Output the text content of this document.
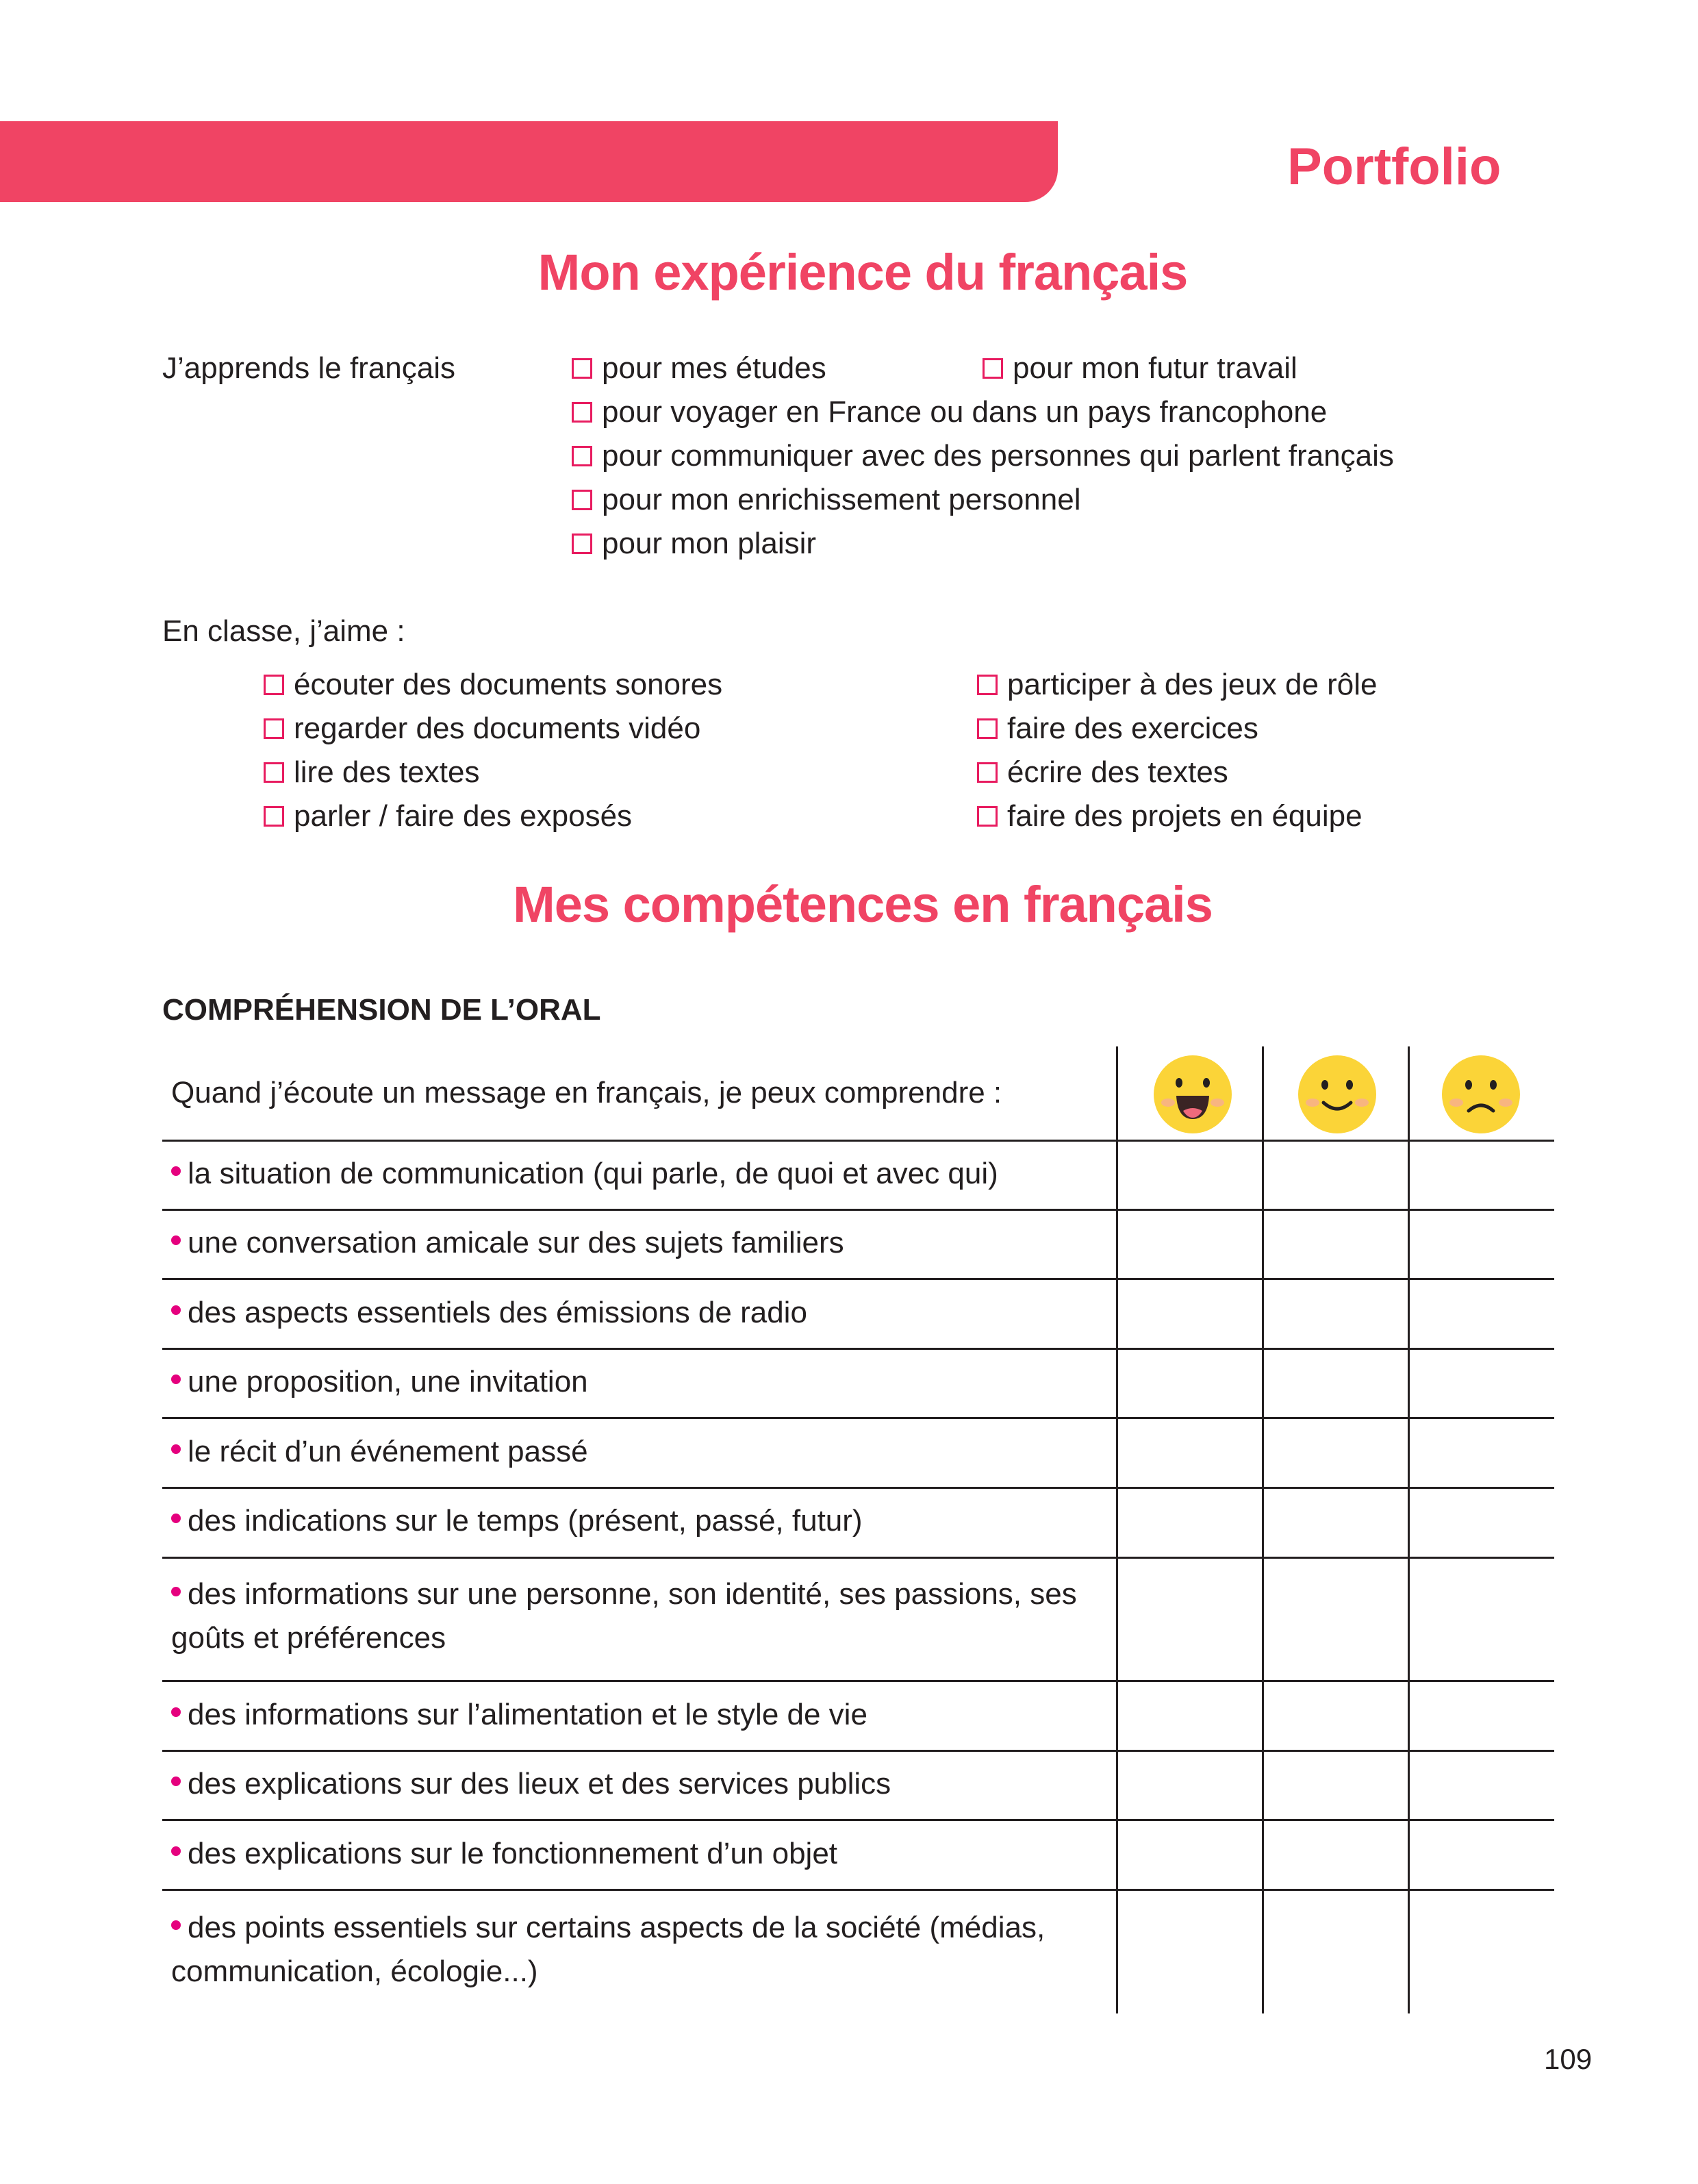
Portfolio
Mon expérience du français
J’apprends le français	pour mes études	pour mon futur travail
pour voyager en France ou dans un pays francophone
pour communiquer avec des personnes qui parlent français
pour mon enrichissement personnel
pour mon plaisir
En classe, j’aime :
écouter des documents sonores
regarder des documents vidéo
lire des textes
parler / faire des exposés
participer à des jeux de rôle
faire des exercices
écrire des textes
faire des projets en équipe
Mes compétences en français
COMPRÉHENSION DE L’ORAL
Quand j’écoute un message en français, je peux comprendre :
la situation de communication (qui parle, de quoi et avec qui)
une conversation amicale sur des sujets familiers
des aspects essentiels des émissions de radio
une proposition, une invitation
le récit d’un événement passé
des indications sur le temps (présent, passé, futur)
des informations sur une personne, son identité, ses passions, ses goûts et préférences
des informations sur l’alimentation et le style de vie
des explications sur des lieux et des services publics
des explications sur le fonctionnement d’un objet
des points essentiels sur certains aspects de la société (médias, communication, écologie...)
109
